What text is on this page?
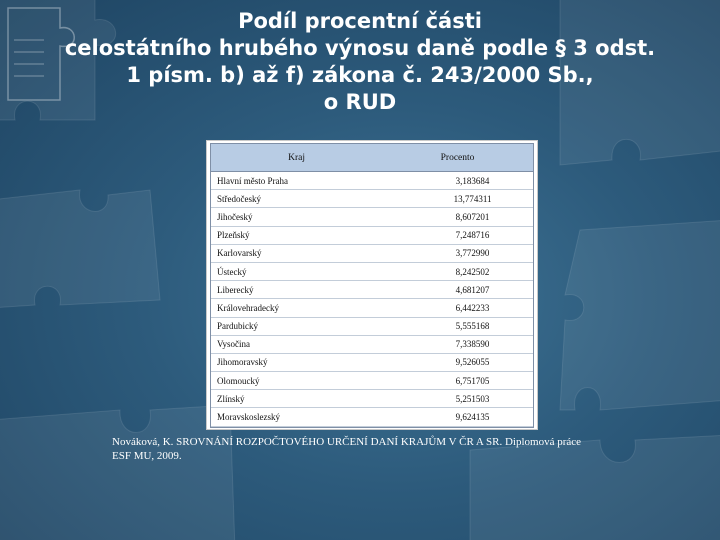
Podíl procentní části
celostátního hrubého výnosu daně podle § 3 odst.
1 písm. b) až f) zákona č. 243/2000 Sb.,
o RUD
Kraj	Procento
Hlavní město Praha	3,183684
Středočeský	13,774311
Jihočeský	8,607201
Plzeňský	7,248716
Karlovarský	3,772990
Ústecký	8,242502
Liberecký	4,681207
Královehradecký	6,442233
Pardubický	5,555168
Vysočina	7,338590
Jihomoravský	9,526055
Olomoucký	6,751705
Zlínský	5,251503
Moravskoslezský	9,624135
Nováková, K. SROVNÁNÍ ROZPOČTOVÉHO URČENÍ DANÍ KRAJŮM V ČR A SR. Diplomová práce
ESF MU, 2009.
